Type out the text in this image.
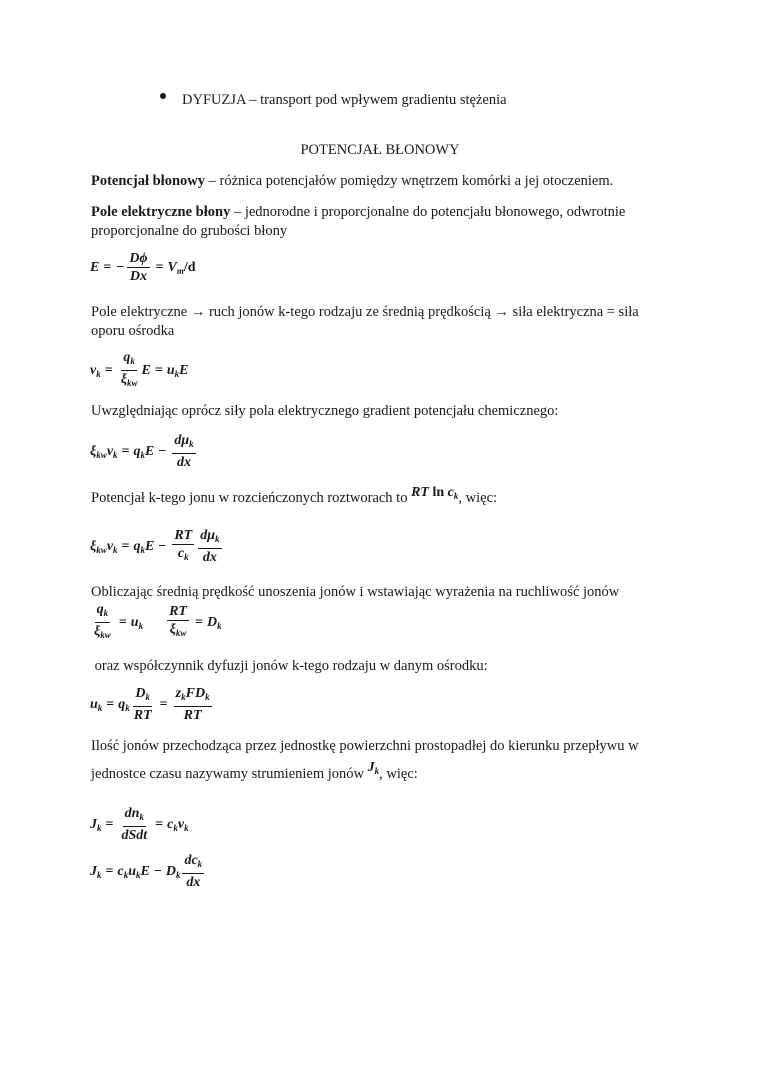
DYFUZJA – transport pod wpływem gradientu stężenia

POTENCJAŁ BŁONOWY

Potencjał błonowy – różnica potencjałów pomiędzy wnętrzem komórki a jej otoczeniem.

Pole elektryczne błony – jednorodne i proporcjonalne do potencjału błonowego, odwrotnie proporcjonalne do grubości błony

E = − $\frac{D\phi}{Dx} = V_m/d$

Pole elektryczne → ruch jonów k-tego rodzaju ze średnią prędkością → siła elektryczna = siła oporu ośrodka

$v_k = \frac{q_k}{\xi_{kw}}$ $E = u_kE$

Uwzględniając oprócz siły pola elektrycznego gradient potencjału chemicznego:

$\xi_{kw}v_k = q_kE - \frac{d\mu_k}{dx}$

Potencjał k-tego jonu w rozcieńczonych roztworach to RT $\ln c_k$, więc:

$\xi_{kw}v_k = q_kE - \frac{RT}{c_k} \frac{d\mu_k}{dx}$

Obliczając średnią prędkość unoszenia jonów i wstawiając wyrażenia na ruchliwość jonów

$\frac{q_k}{\xi_{kw}} = u_k \frac{RT}{\xi_{kw}} = D_k$

oraz współczynnik dyfuzji jonów k-tego rodzaju w danym ośrodku:

$u_k = q_k \frac{D_k}{RT} = \frac{z_kFD_k}{RT}$

Ilość jonów przechodząca przez jednostkę powierzchni prostopadłej do kierunku przepływu w

jednostce czasu nazywamy strumieniem jonów $J_k$, więc:

$J_k = \frac{dn_k}{\text{dSdt}} = c_kv_k$
$J_k = c_ku_kE - D_k \frac{dc_k}{dx}$
